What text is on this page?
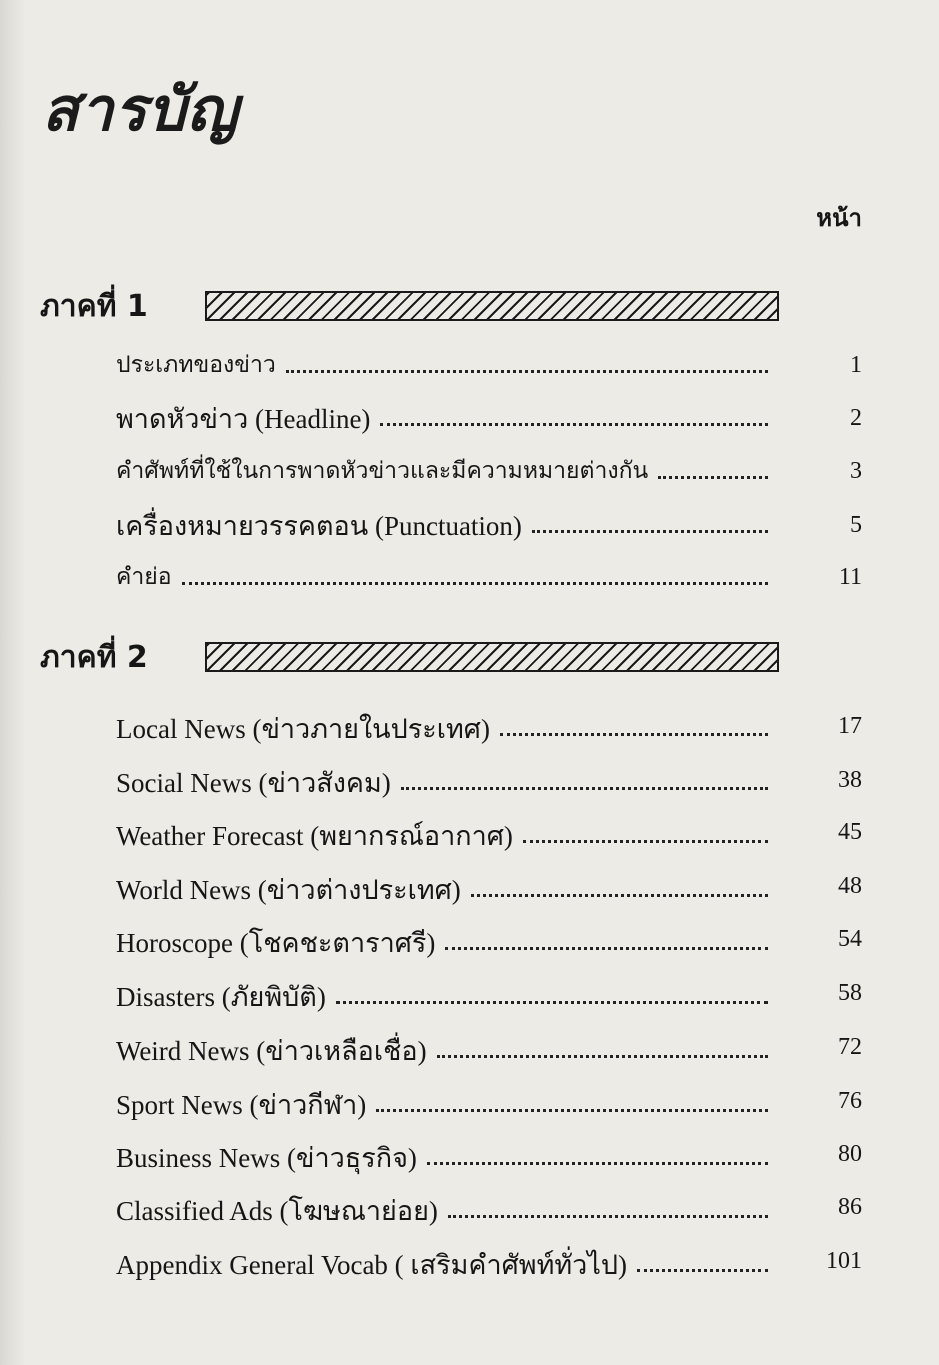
สารบัญ
หน้า
ภาคที่ 1
ประเภทของข่าว	1
พาดหัวข่าว (Headline)	2
คำศัพท์ที่ใช้ในการพาดหัวข่าวและมีความหมายต่างกัน	3
เครื่องหมายวรรคตอน (Punctuation)	5
คำย่อ	11
ภาคที่ 2
Local News (ข่าวภายในประเทศ)	17
Social News (ข่าวสังคม)	38
Weather Forecast (พยากรณ์อากาศ)	45
World News (ข่าวต่างประเทศ)	48
Horoscope (โชคชะตาราศรี)	54
Disasters (ภัยพิบัติ)	58
Weird News (ข่าวเหลือเชื่อ)	72
Sport News (ข่าวกีฬา)	76
Business News (ข่าวธุรกิจ)	80
Classified Ads (โฆษณาย่อย)	86
Appendix General Vocab ( เสริมคำศัพท์ทั่วไป)	101
